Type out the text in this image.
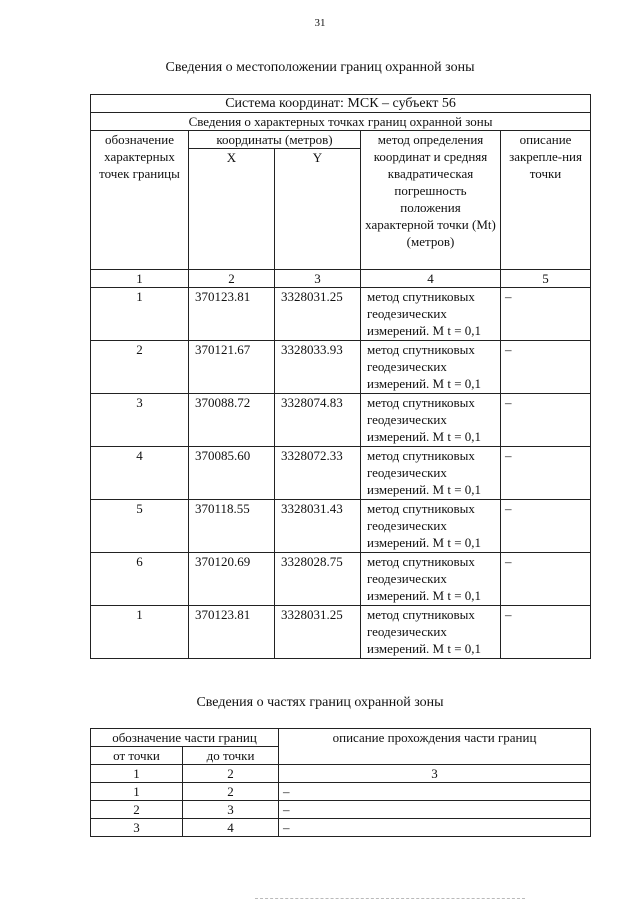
31
Сведения о местоположении границ охранной зоны
Система координат: МСК – субъект 56				
Сведения о характерных точках границ охранной зоны				
обозначение характерных точек границы	координаты (метров)		метод определения координат и средняя квадратическая погрешность положения характерной точки (Mt) (метров)	описание закрепле-ния точки
	X	Y		
1	2	3	4	5
1	370123.81	3328031.25	метод спутниковых геодезических измерений. M t = 0,1	–
2	370121.67	3328033.93	метод спутниковых геодезических измерений. M t = 0,1	–
3	370088.72	3328074.83	метод спутниковых геодезических измерений. M t = 0,1	–
4	370085.60	3328072.33	метод спутниковых геодезических измерений. M t = 0,1	–
5	370118.55	3328031.43	метод спутниковых геодезических измерений. M t = 0,1	–
6	370120.69	3328028.75	метод спутниковых геодезических измерений. M t = 0,1	–
1	370123.81	3328031.25	метод спутниковых геодезических измерений. M t = 0,1	–
Сведения о частях границ охранной зоны
обозначение части границ		описание прохождения части границ
от точки	до точки	
1	2	3
1	2	–
2	3	–
3	4	–
